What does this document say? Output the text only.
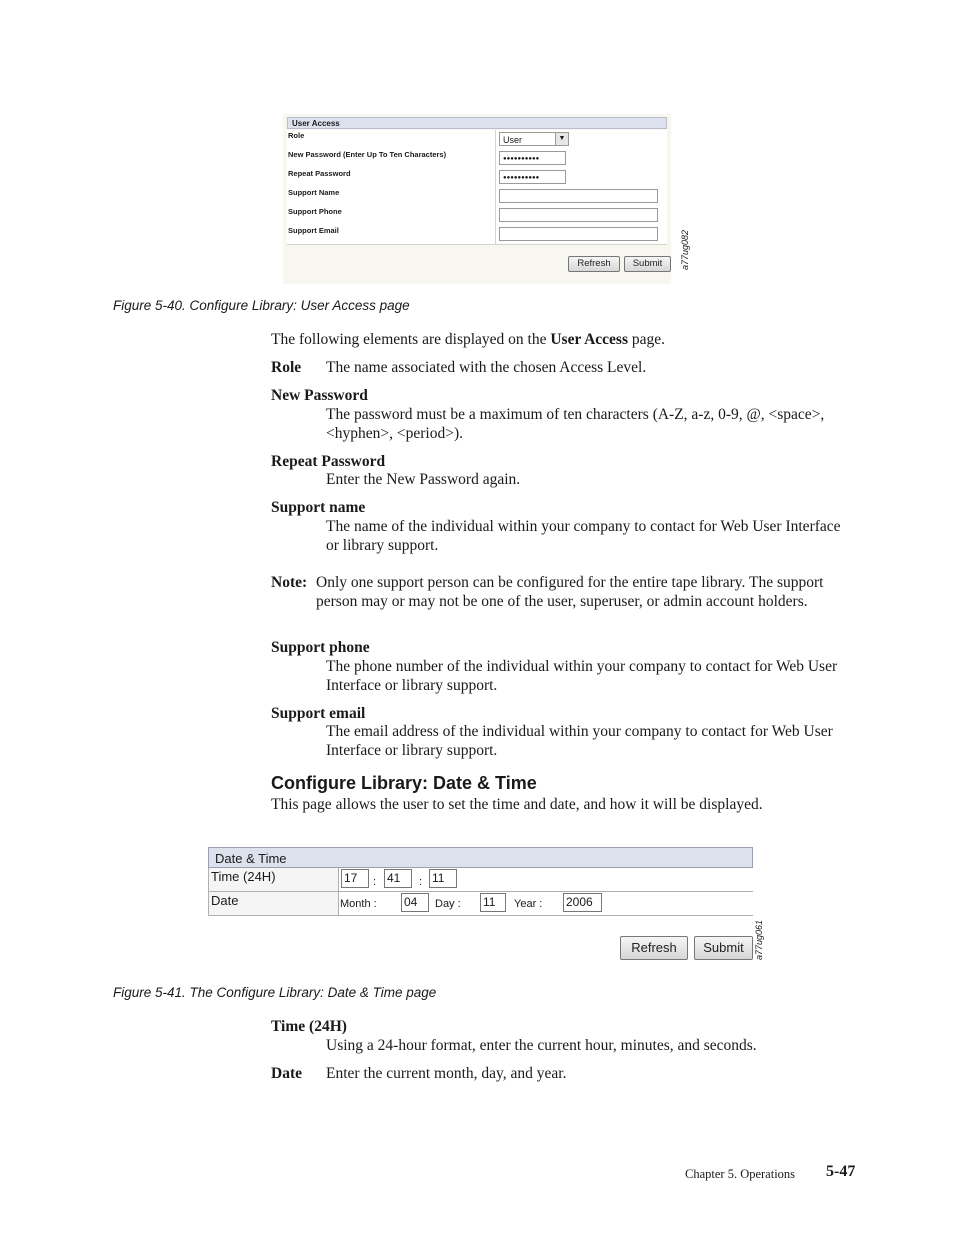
User Access
Role	User	▼
New Password (Enter Up To Ten Characters)	●●●●●●●●●●
Repeat Password	●●●●●●●●●●
Support Name
Support Phone
Support Email
Refresh	Submit	a77ug082
Figure 5-40. Configure Library: User Access page
The following elements are displayed on the User Access page.
Role The name associated with the chosen Access Level.
New Password
The password must be a maximum of ten characters (A-Z, a-z, 0-9, @, <space>, <hyphen>, <period>).
Repeat Password
Enter the New Password again.
Support name
The name of the individual within your company to contact for Web User Interface or library support.
Note: Only one support person can be configured for the entire tape library. The support person may or may not be one of the user, superuser, or admin account holders.
Support phone
The phone number of the individual within your company to contact for Web User Interface or library support.
Support email
The email address of the individual within your company to contact for Web User Interface or library support.
Configure Library: Date & Time
This page allows the user to set the time and date, and how it will be displayed.
Date & Time
Time (24H)	17	: 41	: 11
Date	Month : 04	Day : 11	Year : 2006
Refresh	Submit	a77ug061
Figure 5-41. The Configure Library: Date & Time page
Time (24H)
Using a 24-hour format, enter the current hour, minutes, and seconds.
Date Enter the current month, day, and year.
Chapter 5. Operations 5-47
